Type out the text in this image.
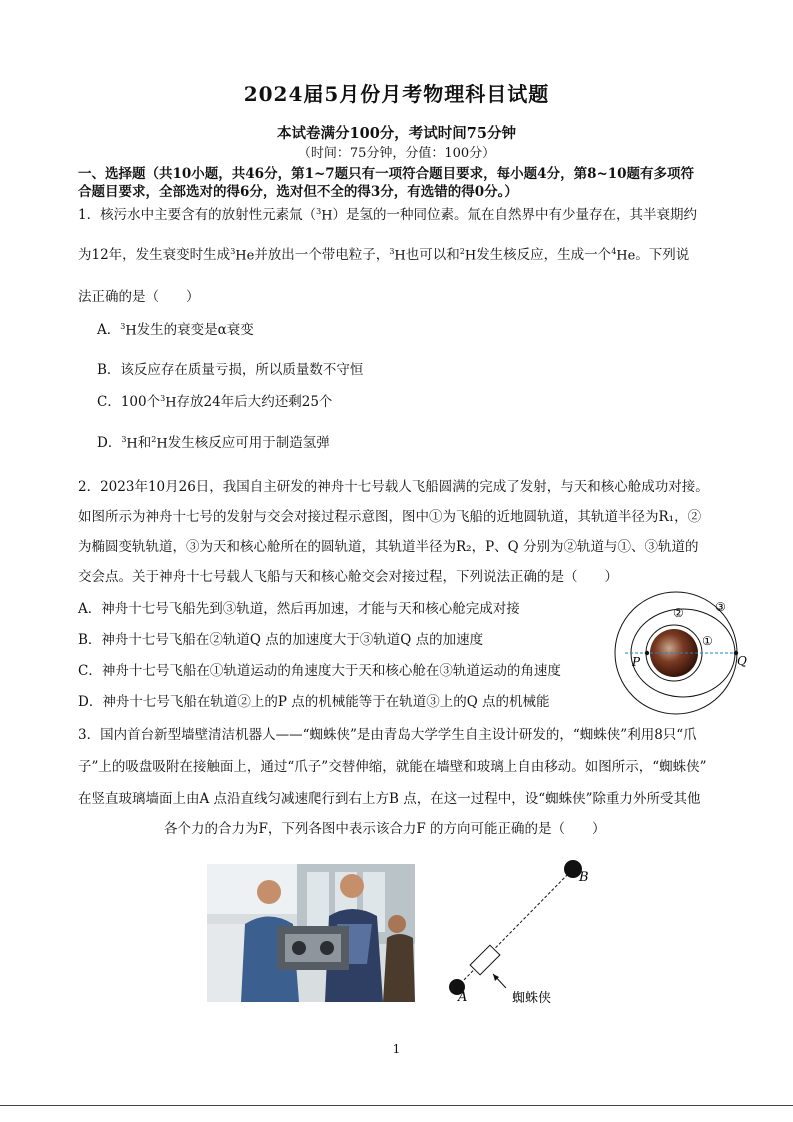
2024届5月份月考物理科目试题
本试卷满分100分，考试时间75分钟
（时间：75分钟，分值：100分）
一、选择题（共10小题，共46分，第1~7题只有一项符合题目要求，每小题4分，第8~10题有多项符
合题目要求，全部选对的得6分，选对但不全的得3分，有选错的得0分。）
1．核污水中主要含有的放射性元素氚（$^3$H）是氢的一种同位素。氚在自然界中有少量存在，其半衰期约
为12年，发生衰变时生成$^3$He并放出一个带电粒子，$^3$H也可以和$^2$H发生核反应，生成一个$^4$He。下列说
法正确的是（　　）
A．$^3$H发生的衰变是α衰变
B．该反应存在质量亏损，所以质量数不守恒
C．100个$^3$H存放24年后大约还剩25个
D．$^3$H和$^2$H发生核反应可用于制造氢弹
2．2023年10月26日，我国自主研发的神舟十七号载人飞船圆满的完成了发射，与天和核心舱成功对接。
如图所示为神舟十七号的发射与交会对接过程示意图，图中①为飞船的近地圆轨道，其轨道半径为R₁，②
为椭圆变轨轨道，③为天和核心舱所在的圆轨道，其轨道半径为R₂，P、Q 分别为②轨道与①、③轨道的
交会点。关于神舟十七号载人飞船与天和核心舱交会对接过程，下列说法正确的是（　　）
A．神舟十七号飞船先到③轨道，然后再加速，才能与天和核心舱完成对接
B．神舟十七号飞船在②轨道Q 点的加速度大于③轨道Q 点的加速度
C．神舟十七号飞船在①轨道运动的角速度大于天和核心舱在③轨道运动的角速度
D．神舟十七号飞船在轨道②上的P 点的机械能等于在轨道③上的Q 点的机械能
P	Q
①
②	③
3．国内首台新型墙壁清洁机器人——“蜘蛛侠”是由青岛大学学生自主设计研发的，“蜘蛛侠”利用8只“爪
子”上的吸盘吸附在接触面上，通过“爪子”交替伸缩，就能在墙壁和玻璃上自由移动。如图所示，“蜘蛛侠”
在竖直玻璃墙面上由A 点沿直线匀减速爬行到右上方B 点，在这一过程中，设“蜘蛛侠”除重力外所受其他
各个力的合力为F，下列各图中表示该合力F 的方向可能正确的是（　　）
A
B
蜘蛛侠
1
